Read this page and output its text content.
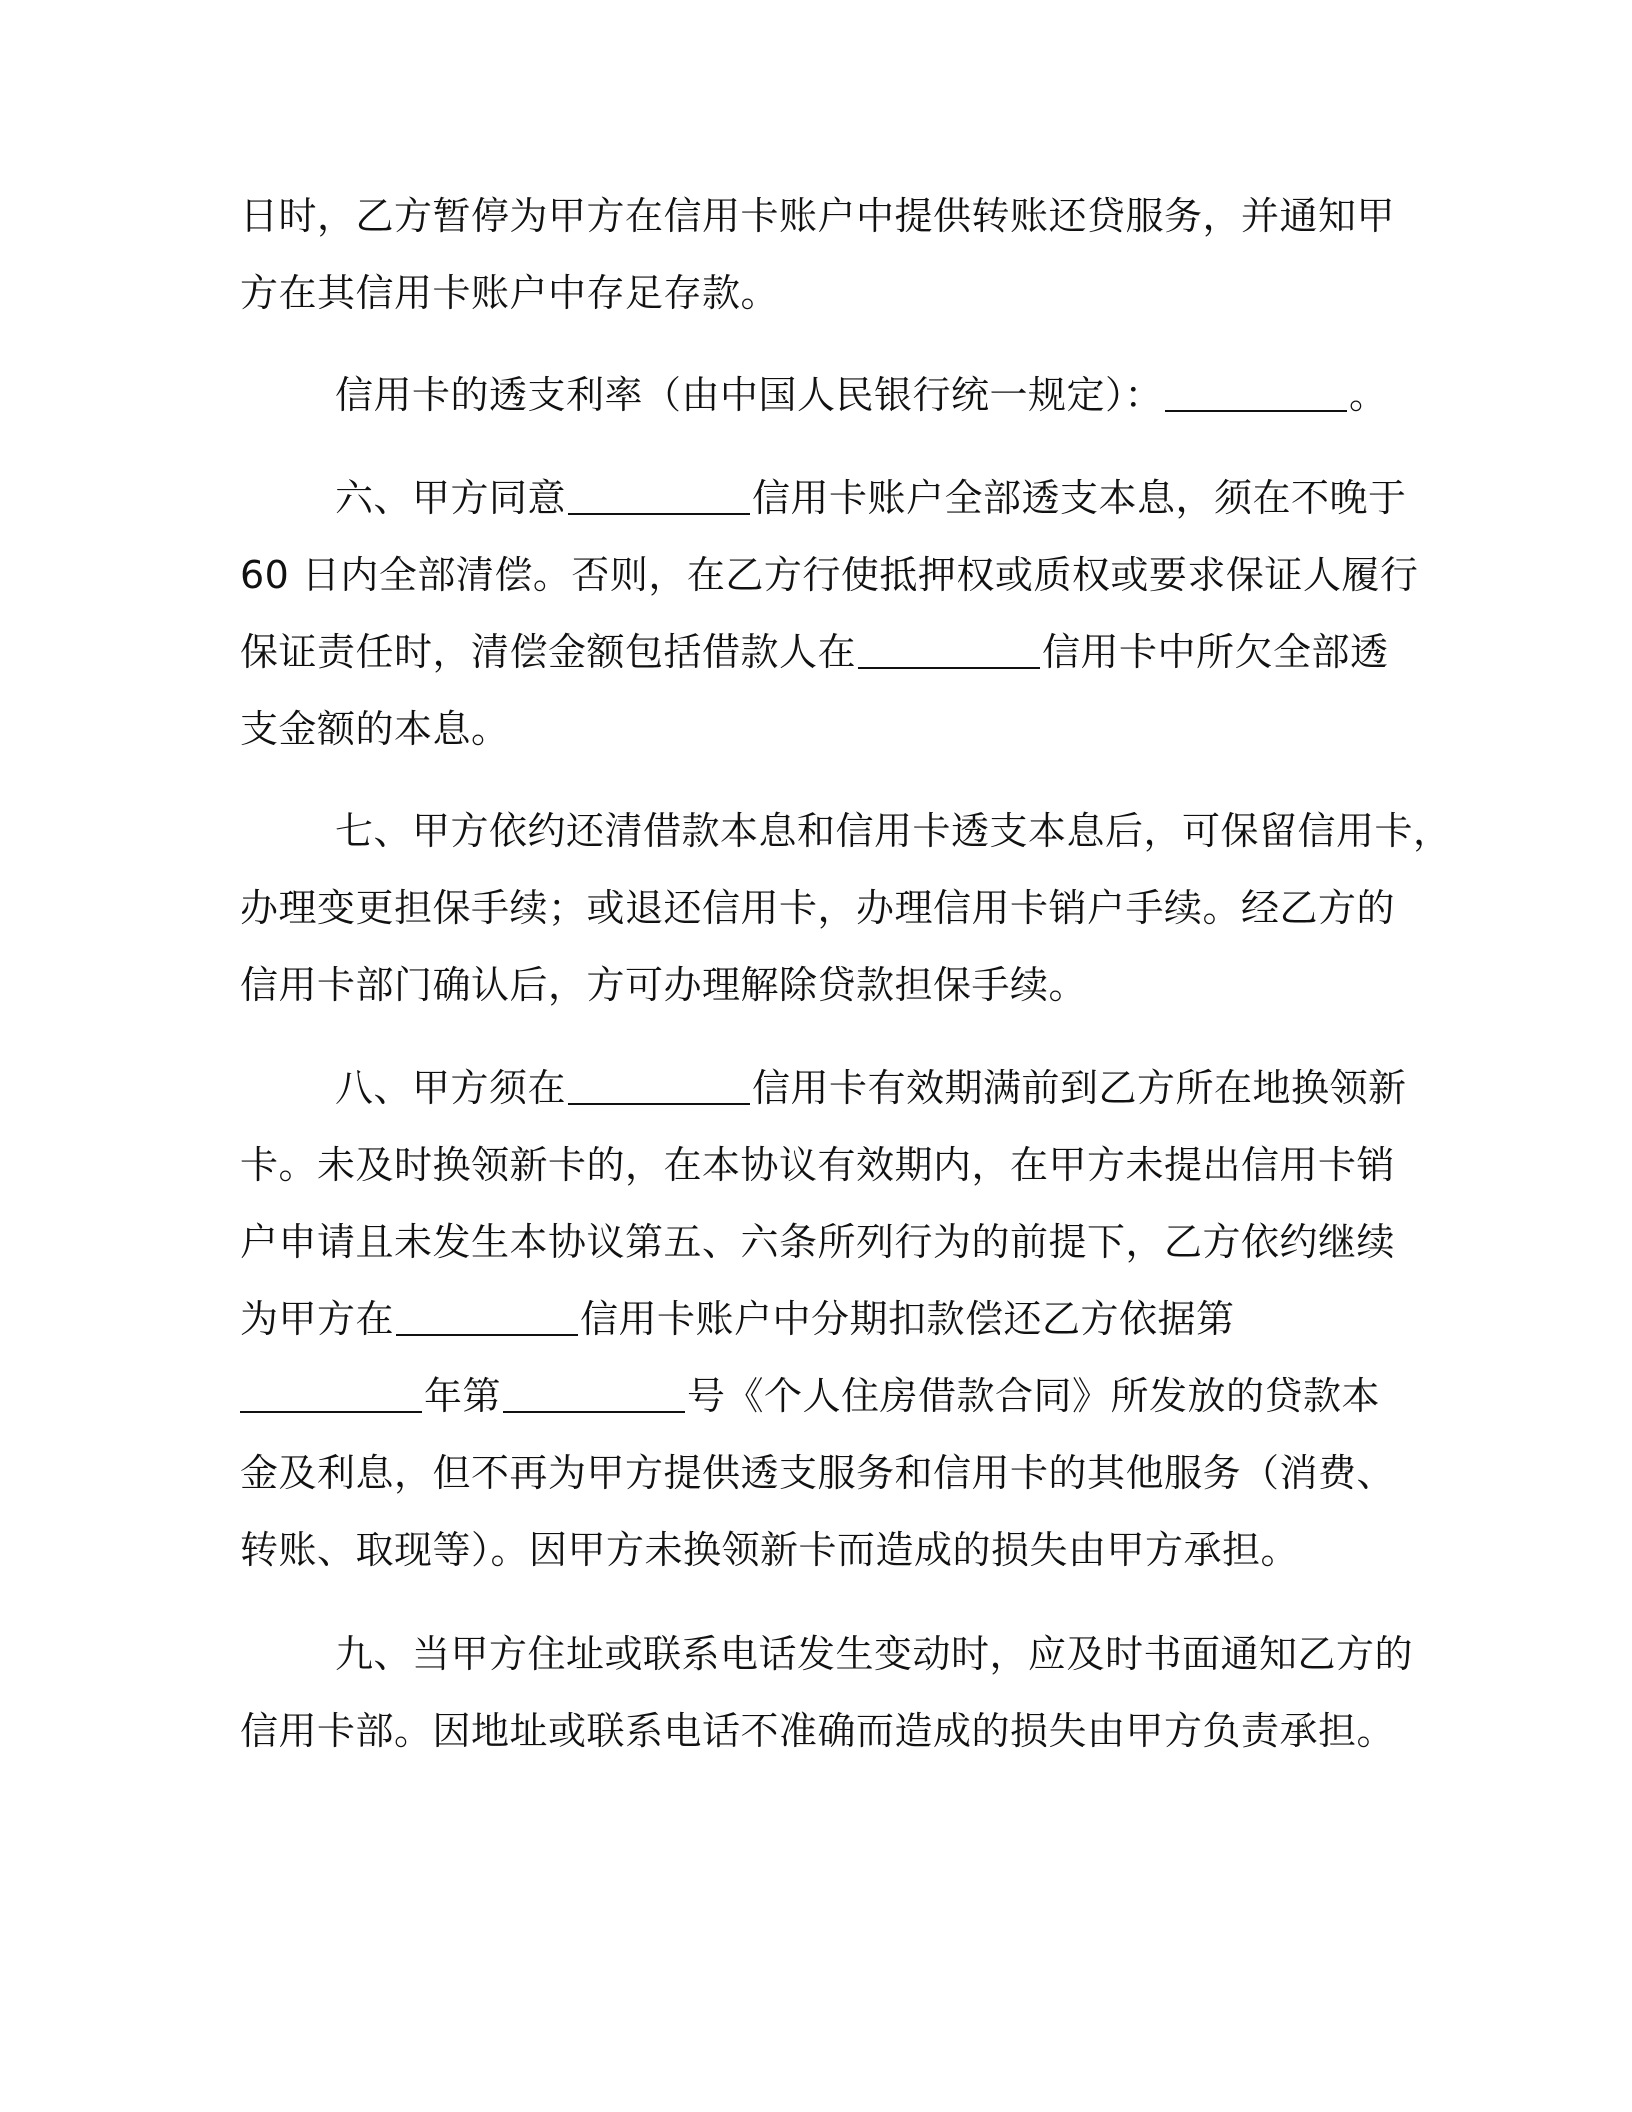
日时，乙方暂停为甲方在信用卡账户中提供转账还贷服务，并通知甲
方在其信用卡账户中存足存款。
信用卡的透支利率（由中国人民银行统一规定）：	。
六、甲方同意	信用卡账户全部透支本息，须在不晚于
60 日内全部清偿。否则，在乙方行使抵押权或质权或要求保证人履行
保证责任时，清偿金额包括借款人在	信用卡中所欠全部透
支金额的本息。
七、甲方依约还清借款本息和信用卡透支本息后，可保留信用卡，
办理变更担保手续；或退还信用卡，办理信用卡销户手续。经乙方的
信用卡部门确认后，方可办理解除贷款担保手续。
八、甲方须在	信用卡有效期满前到乙方所在地换领新
卡。未及时换领新卡的，在本协议有效期内，在甲方未提出信用卡销
户申请且未发生本协议第五、六条所列行为的前提下，乙方依约继续
为甲方在	信用卡账户中分期扣款偿还乙方依据第
年第	号《个人住房借款合同》所发放的贷款本
金及利息，但不再为甲方提供透支服务和信用卡的其他服务（消费、
转账、取现等）。因甲方未换领新卡而造成的损失由甲方承担。
九、当甲方住址或联系电话发生变动时，应及时书面通知乙方的
信用卡部。因地址或联系电话不准确而造成的损失由甲方负责承担。
